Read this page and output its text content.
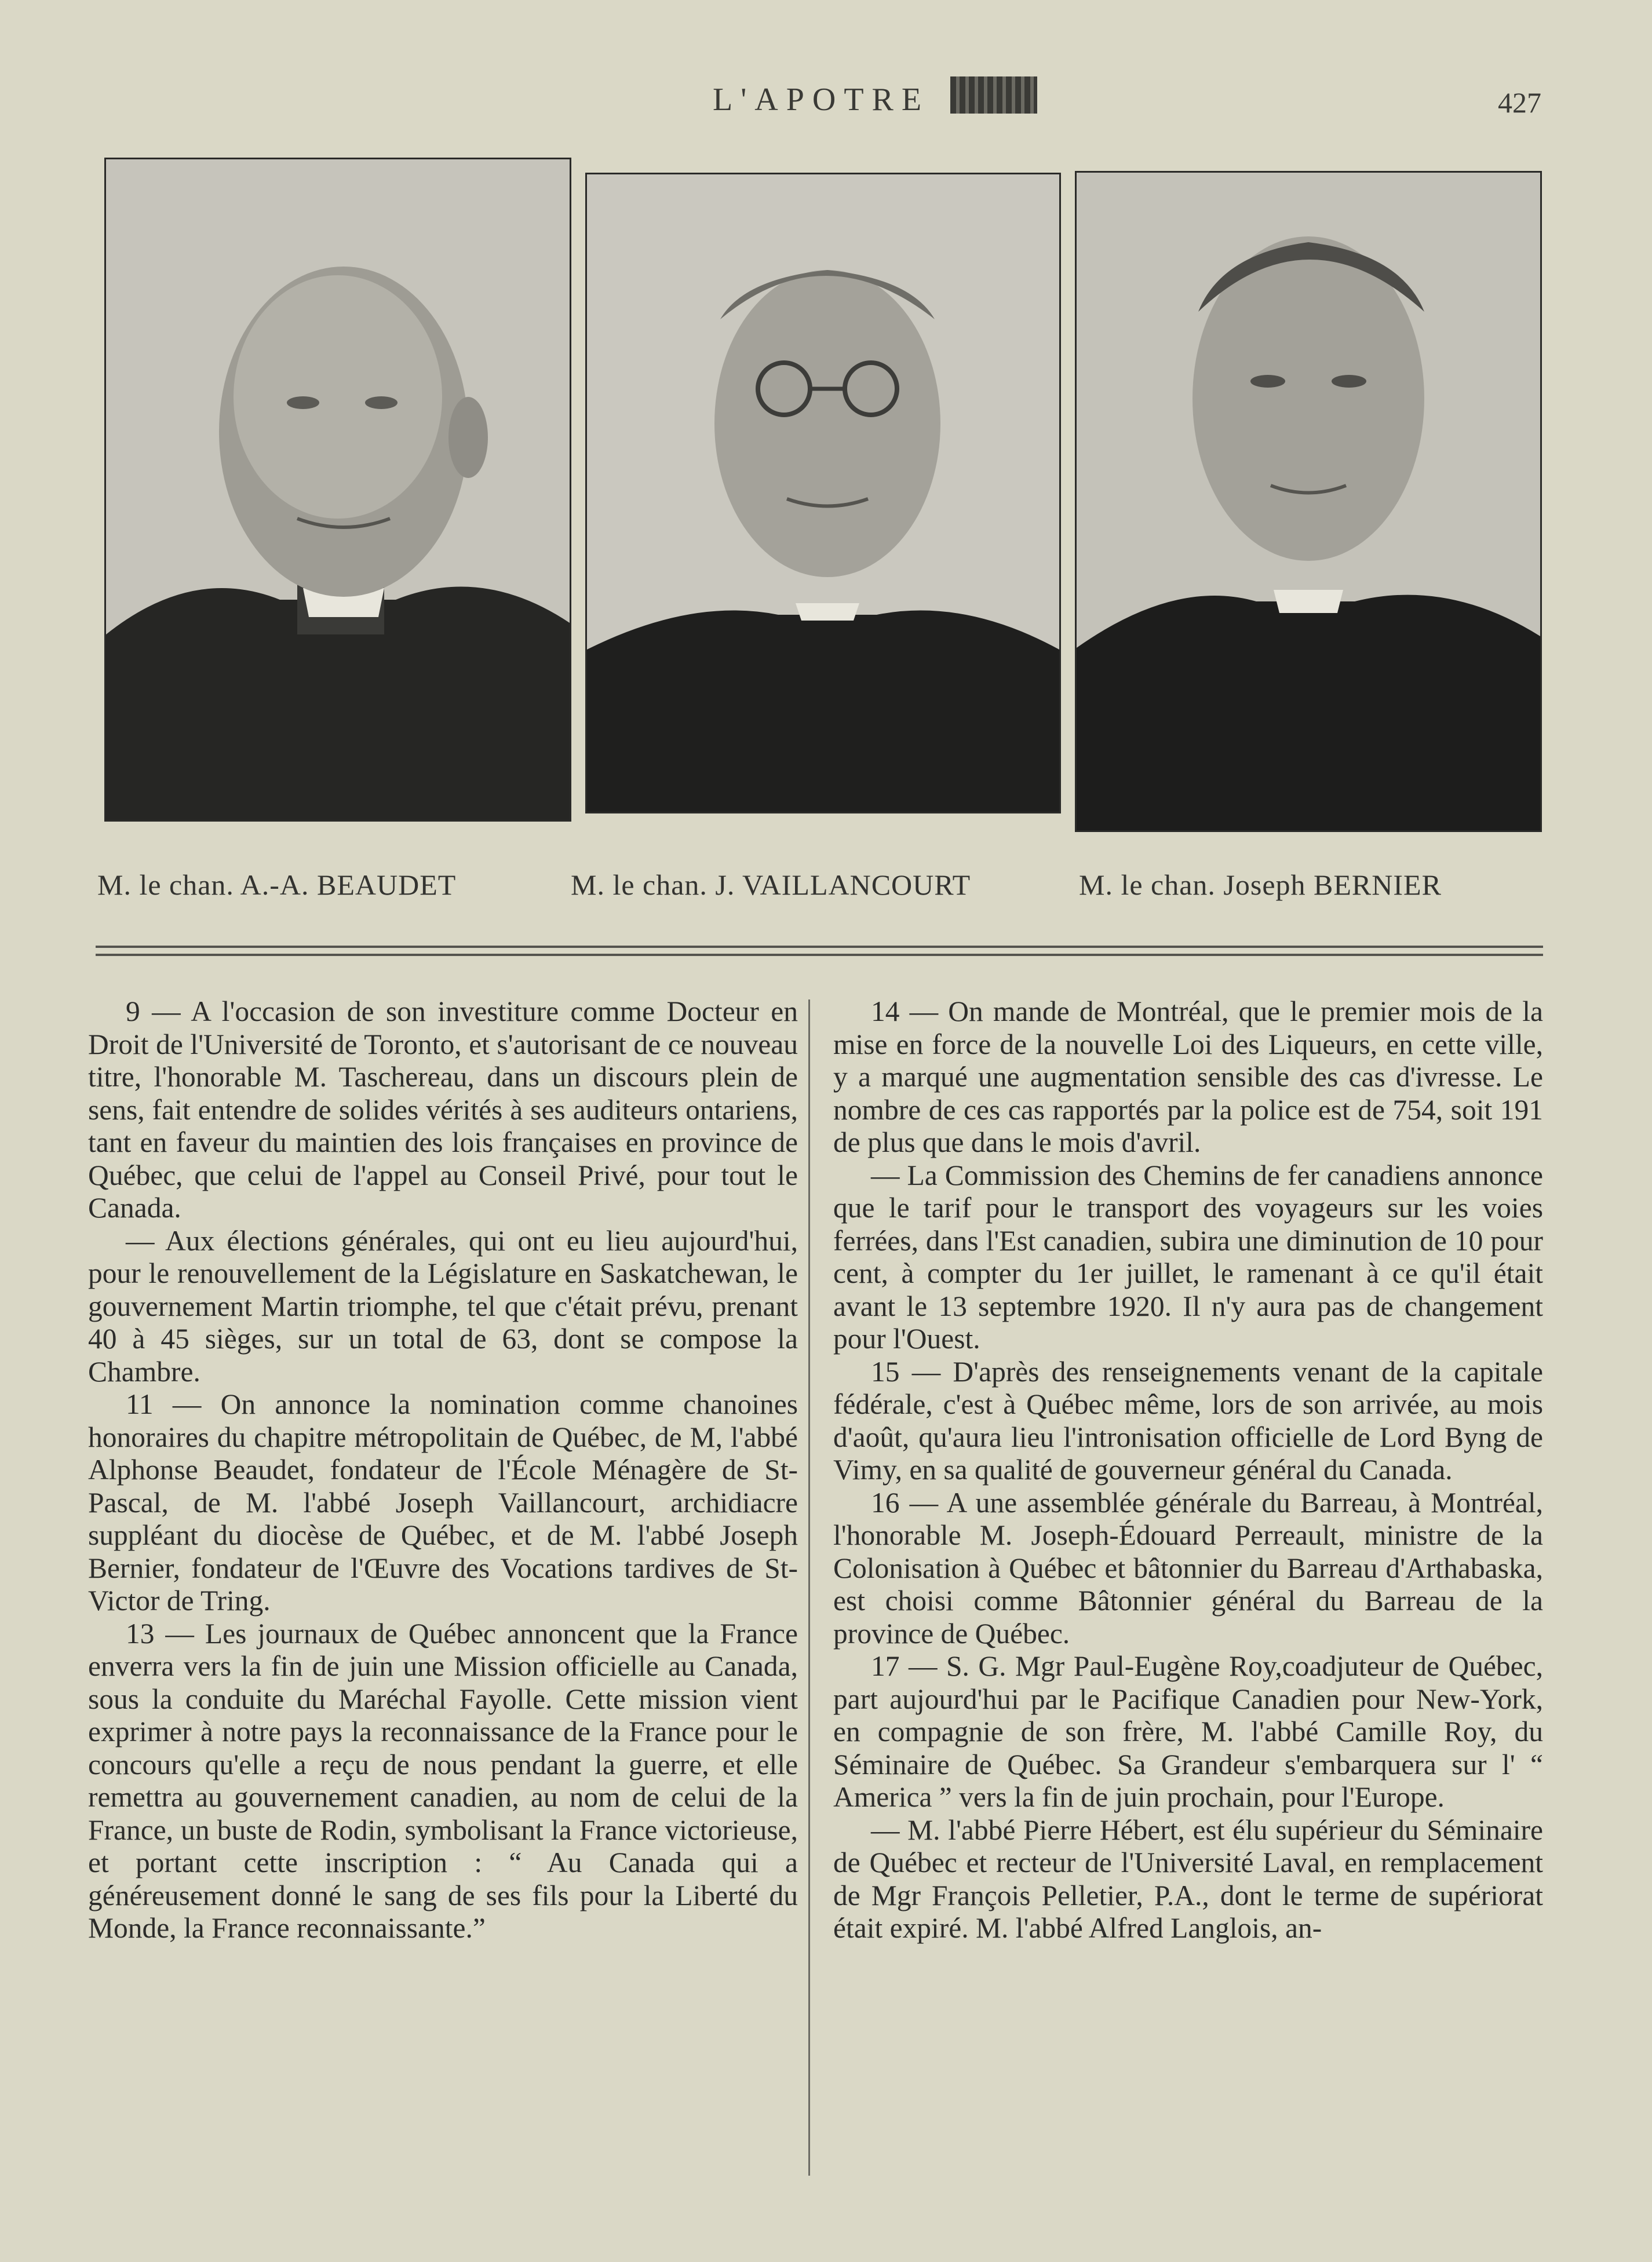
L'APOTRE	427
M. le chan. A.-A. BEAUDET	M. le chan. J. VAILLANCOURT	M. le chan. Joseph BERNIER

9 — A l'occasion de son investiture comme Docteur en Droit de l'Université de Toronto, et s'autorisant de ce nouveau titre, l'honorable M. Taschereau, dans un discours plein de sens, fait entendre de solides vérités à ses auditeurs ontariens, tant en faveur du maintien des lois françaises en province de Québec, que celui de l'appel au Conseil Privé, pour tout le Canada.

— Aux élections générales, qui ont eu lieu aujourd'hui, pour le renouvellement de la Législature en Saskatchewan, le gouvernement Martin triomphe, tel que c'était prévu, prenant 40 à 45 sièges, sur un total de 63, dont se compose la Chambre.

11 — On annonce la nomination comme chanoines honoraires du chapitre métropolitain de Québec, de M, l'abbé Alphonse Beaudet, fondateur de l'École Ménagère de St-Pascal, de M. l'abbé Joseph Vaillancourt, archidiacre suppléant du diocèse de Québec, et de M. l'abbé Joseph Bernier, fondateur de l'Œuvre des Vocations tardives de St-Victor de Tring.

13 — Les journaux de Québec annoncent que la France enverra vers la fin de juin une Mission officielle au Canada, sous la conduite du Maréchal Fayolle. Cette mission vient exprimer à notre pays la reconnaissance de la France pour le concours qu'elle a reçu de nous pendant la guerre, et elle remettra au gouvernement canadien, au nom de celui de la France, un buste de Rodin, symbolisant la France victorieuse, et portant cette inscription : “ Au Canada qui a généreusement donné le sang de ses fils pour la Liberté du Monde, la France reconnaissante.”

14 — On mande de Montréal, que le premier mois de la mise en force de la nouvelle Loi des Liqueurs, en cette ville, y a marqué une augmentation sensible des cas d'ivresse. Le nombre de ces cas rapportés par la police est de 754, soit 191 de plus que dans le mois d'avril.

— La Commission des Chemins de fer canadiens annonce que le tarif pour le transport des voyageurs sur les voies ferrées, dans l'Est canadien, subira une diminution de 10 pour cent, à compter du 1er juillet, le ramenant à ce qu'il était avant le 13 septembre 1920. Il n'y aura pas de changement pour l'Ouest.

15 — D'après des renseignements venant de la capitale fédérale, c'est à Québec même, lors de son arrivée, au mois d'août, qu'aura lieu l'intronisation officielle de Lord Byng de Vimy, en sa qualité de gouverneur général du Canada.

16 — A une assemblée générale du Barreau, à Montréal, l'honorable M. Joseph-Édouard Perreault, ministre de la Colonisation à Québec et bâtonnier du Barreau d'Arthabaska, est choisi comme Bâtonnier général du Barreau de la province de Québec.

17 — S. G. Mgr Paul-Eugène Roy,coadjuteur de Québec, part aujourd'hui par le Pacifique Canadien pour New-York, en compagnie de son frère, M. l'abbé Camille Roy, du Séminaire de Québec. Sa Grandeur s'embarquera sur l' “ America ” vers la fin de juin prochain, pour l'Europe.

— M. l'abbé Pierre Hébert, est élu supérieur du Séminaire de Québec et recteur de l'Université Laval, en remplacement de Mgr François Pelletier, P.A., dont le terme de supériorat était expiré. M. l'abbé Alfred Langlois, an-
